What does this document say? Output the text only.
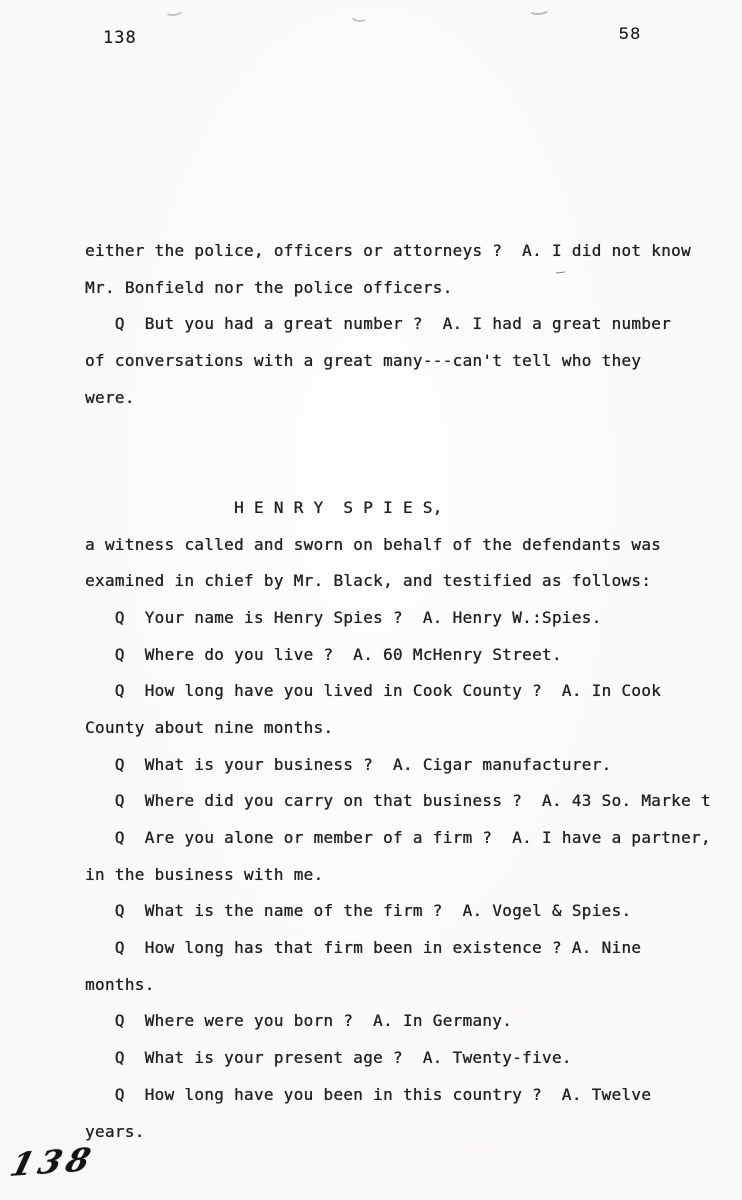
138	58
either the police, officers or attorneys ?  A. I did not know
Mr. Bonfield nor the police officers.
Q  But you had a great number ?  A. I had a great number
of conversations with a great many---can't tell who they
were.
H E N R Y  S P I E S,
a witness called and sworn on behalf of the defendants was
examined in chief by Mr. Black, and testified as follows:
Q  Your name is Henry Spies ?  A. Henry W.:Spies.
Q  Where do you live ?  A. 60 McHenry Street.
Q  How long have you lived in Cook County ?  A. In Cook
County about nine months.
Q  What is your business ?  A. Cigar manufacturer.
Q  Where did you carry on that business ?  A. 43 So. Marke t
Q  Are you alone or member of a firm ?  A. I have a partner,
in the business with me.
Q  What is the name of the firm ?  A. Vogel & Spies.
Q  How long has that firm been in existence ? A. Nine
months.
Q  Where were you born ?  A. In Germany.
Q  What is your present age ?  A. Twenty-five.
Q  How long have you been in this country ?  A. Twelve
years.
138
